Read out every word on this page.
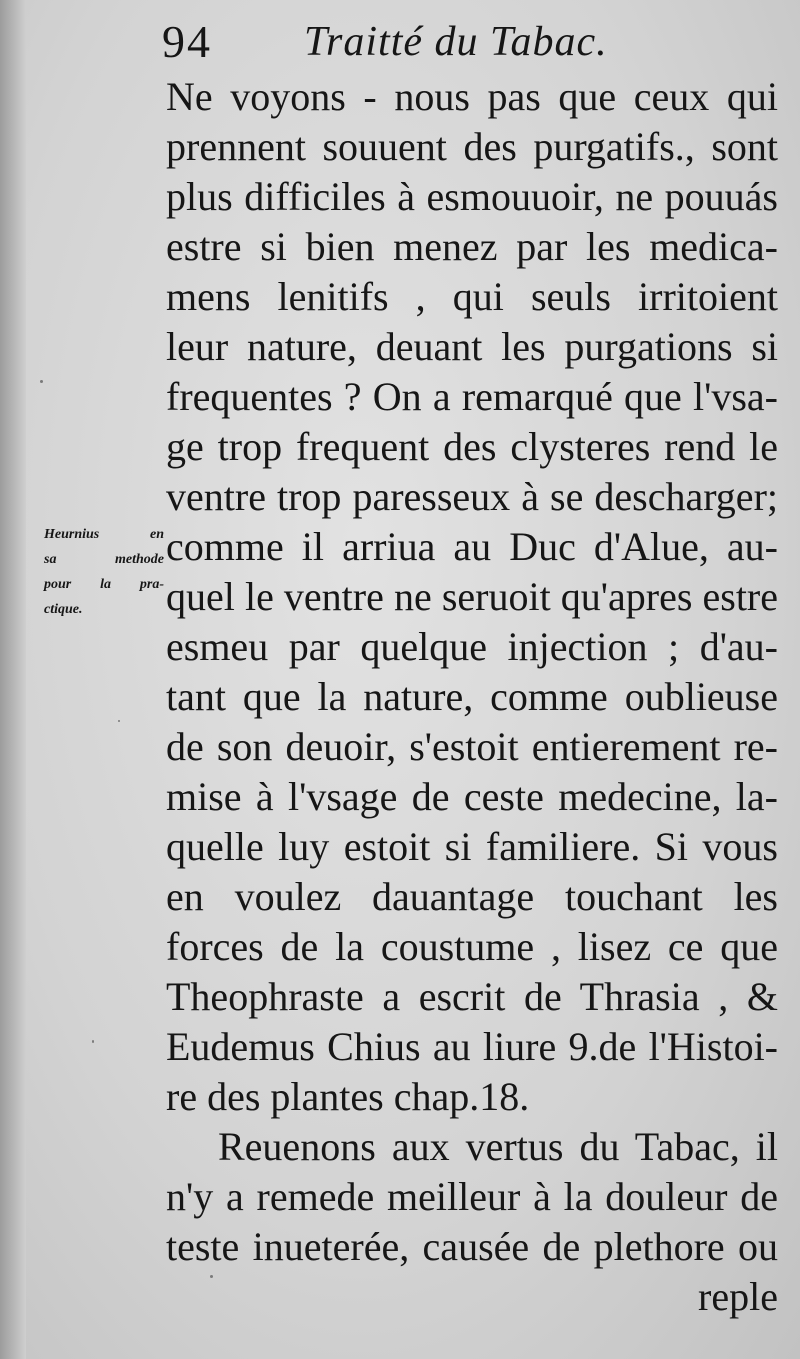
94 Traitté du Tabac.
Heurnius en
sa methode
pour la pra-
ctique.
Ne voyons - nous pas que ceux qui
prennent souuent des purgatifs., sont
plus difficiles à esmouuoir, ne pouuás
estre si bien menez par les medica-
mens lenitifs , qui seuls irritoient
leur nature, deuant les purgations si
frequentes ? On a remarqué que l'vsa-
ge trop frequent des clysteres rend le
ventre trop paresseux à se descharger;
comme il arriua au Duc d'Alue, au-
quel le ventre ne seruoit qu'apres estre
esmeu par quelque injection ; d'au-
tant que la nature, comme oublieuse
de son deuoir, s'estoit entierement re-
mise à l'vsage de ceste medecine, la-
quelle luy estoit si familiere. Si vous
en voulez dauantage touchant les
forces de la coustume , lisez ce que
Theophraste a escrit de Thrasia , &
Eudemus Chius au liure 9.de l'Histoi-
re des plantes chap.18.
Reuenons aux vertus du Tabac, il
n'y a remede meilleur à la douleur de
teste inueterée, causée de plethore ou
reple
